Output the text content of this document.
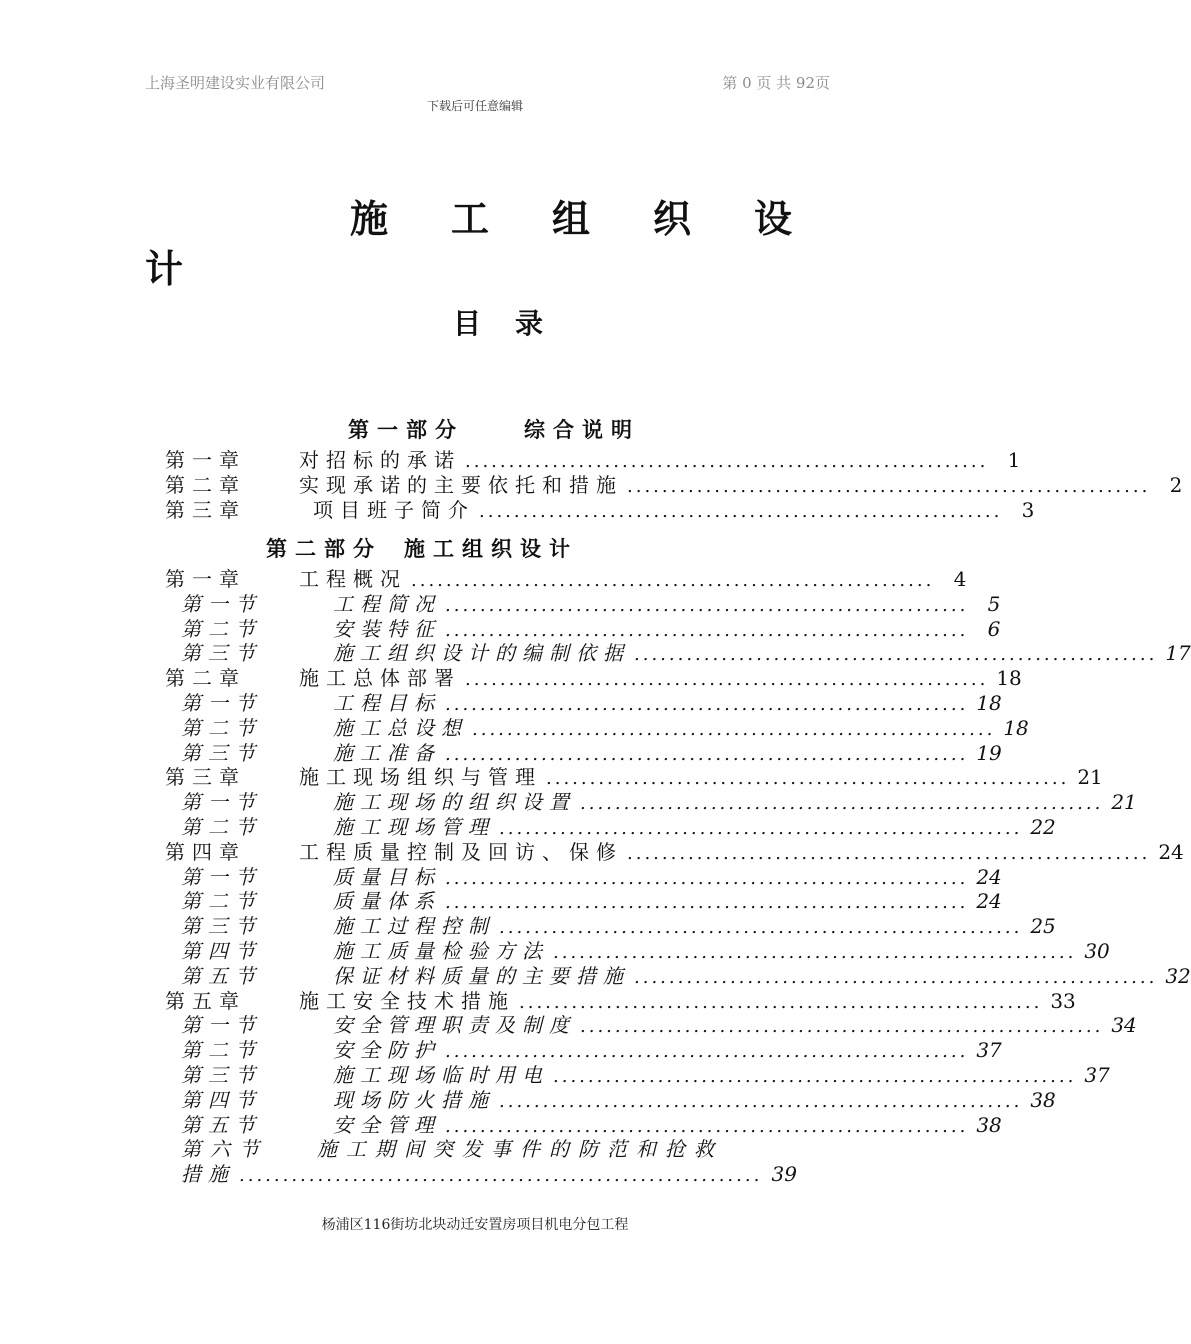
上海圣明建设实业有限公司	第 0 页 共 92页
下载后可任意编辑
施 工 组 织 设
计
目录
第一部分	综合说明
第一章	对招标的承诺 ............................................................ 1
第二章	实现承诺的主要依托和措施 ............................................................ 2
第三章	项目班子简介 ............................................................ 3
第二部分 施工组织设计
第一章	工程概况 ............................................................ 4
第一节	工程简况 ............................................................ 5
第二节	安装特征 ............................................................ 6
第三节	施工组织设计的编制依据 ............................................................ 17
第二章	施工总体部署 ............................................................ 18
第一节	工程目标 ............................................................ 18
第二节	施工总设想 ............................................................ 18
第三节	施工准备 ............................................................ 19
第三章	施工现场组织与管理 ............................................................ 21
第一节	施工现场的组织设置 ............................................................ 21
第二节	施工现场管理 ............................................................ 22
第四章	工程质量控制及回访、保修 ............................................................ 24
第一节	质量目标 ............................................................ 24
第二节	质量体系 ............................................................ 24
第三节	施工过程控制 ............................................................ 25
第四节	施工质量检验方法 ............................................................ 30
第五节	保证材料质量的主要措施 ............................................................ 32
第五章	施工安全技术措施 ............................................................ 33
第一节	安全管理职责及制度 ............................................................ 34
第二节	安全防护 ............................................................ 37
第三节	施工现场临时用电 ............................................................ 37
第四节	现场防火措施 ............................................................ 38
第五节	安全管理 ............................................................ 38
第六节 施工期间突发事件的防范和抢救
措施 ............................................................ 39
杨浦区116街坊北块动迁安置房项目机电分包工程
